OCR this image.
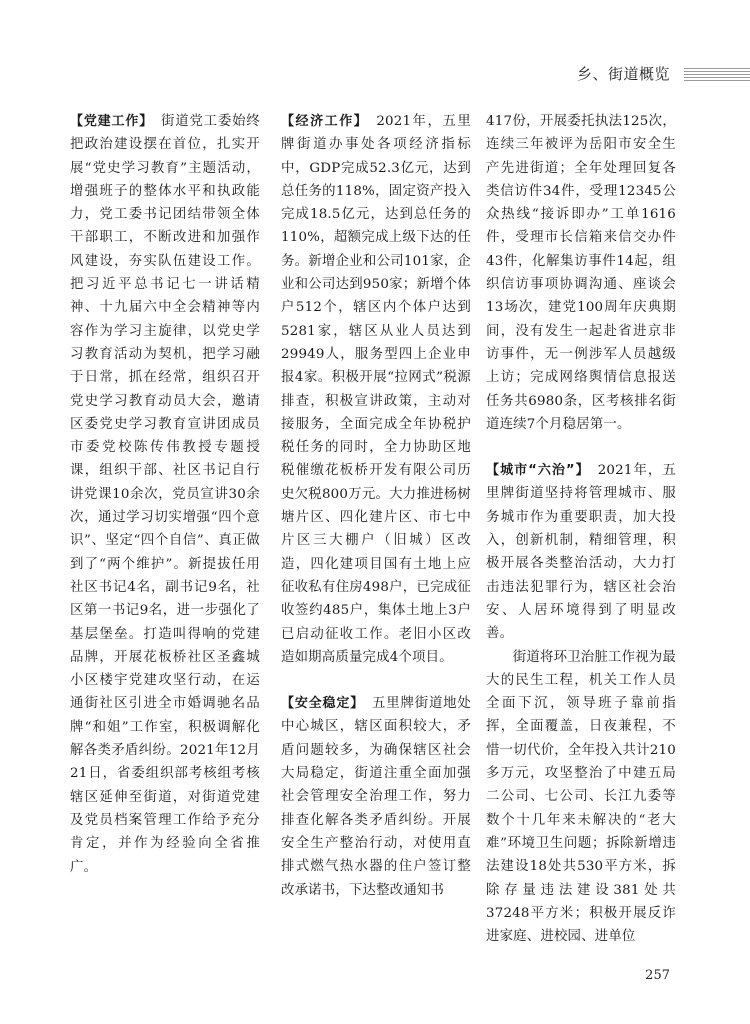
乡、街道概览

【党建工作】 街道党工委始终把政治建设摆在首位，扎实开展“党史学习教育”主题活动，增强班子的整体水平和执政能力，党工委书记团结带领全体干部职工，不断改进和加强作风建设，夯实队伍建设工作。把习近平总书记七一讲话精神、十九届六中全会精神等内容作为学习主旋律，以党史学习教育活动为契机，把学习融于日常，抓在经常，组织召开党史学习教育动员大会，邀请区委党史学习教育宣讲团成员市委党校陈传伟教授专题授课，组织干部、社区书记自行讲党课10余次，党员宣讲30余次，通过学习切实增强“四个意识”、坚定“四个自信”、真正做到了“两个维护”。新提拔任用社区书记4名，副书记9名，社区第一书记9名，进一步强化了基层堡垒。打造叫得响的党建品牌，开展花板桥社区圣鑫城小区楼宇党建攻坚行动，在运通街社区引进全市婚调驰名品牌“和姐”工作室，积极调解化解各类矛盾纠纷。2021年12月21日，省委组织部考核组考核辖区延伸至街道，对街道党建及党员档案管理工作给予充分肯定，并作为经验向全省推广。

【经济工作】 2021年，五里牌街道办事处各项经济指标中，GDP完成52.3亿元，达到总任务的118%，固定资产投入完成18.5亿元，达到总任务的110%，超额完成上级下达的任务。新增企业和公司101家，企业和公司达到950家；新增个体户512个，辖区内个体户达到5281家，辖区从业人员达到29949人，服务型四上企业申报4家。积极开展“拉网式”税源排查，积极宣讲政策，主动对接服务，全面完成全年协税护税任务的同时，全力协助区地税催缴花板桥开发有限公司历史欠税800万元。大力推进杨树塘片区、四化建片区、市七中片区三大棚户（旧城）区改造，四化建项目国有土地上应征收私有住房498户，已完成征收签约485户，集体土地上3户已启动征收工作。老旧小区改造如期高质量完成4个项目。

【安全稳定】 五里牌街道地处中心城区，辖区面积较大，矛盾问题较多，为确保辖区社会大局稳定，街道注重全面加强社会管理安全治理工作，努力排查化解各类矛盾纠纷。开展安全生产整治行动，对使用直排式燃气热水器的住户签订整改承诺书，下达整改通知书

417份，开展委托执法125次，连续三年被评为岳阳市安全生产先进街道；全年处理回复各类信访件34件，受理12345公众热线“接诉即办”工单1616件，受理市长信箱来信交办件43件，化解集访事件14起，组织信访事项协调沟通、座谈会13场次，建党100周年庆典期间，没有发生一起赴省进京非访事件，无一例涉军人员越级上访；完成网络舆情信息报送任务共6980条，区考核排名街道连续7个月稳居第一。

【城市“六治”】 2021年，五里牌街道坚持将管理城市、服务城市作为重要职责，加大投入，创新机制，精细管理，积极开展各类整治活动，大力打击违法犯罪行为，辖区社会治安、人居环境得到了明显改善。

街道将环卫治脏工作视为最大的民生工程，机关工作人员全面下沉，领导班子靠前指挥，全面覆盖，日夜兼程，不惜一切代价，全年投入共计210多万元，攻坚整治了中建五局二公司、七公司、长江九委等数个十几年来未解决的“老大难”环境卫生问题；拆除新增违法建设18处共530平方米，拆除存量违法建设381处共37248平方米；积极开展反诈进家庭、进校园、进单位

257
